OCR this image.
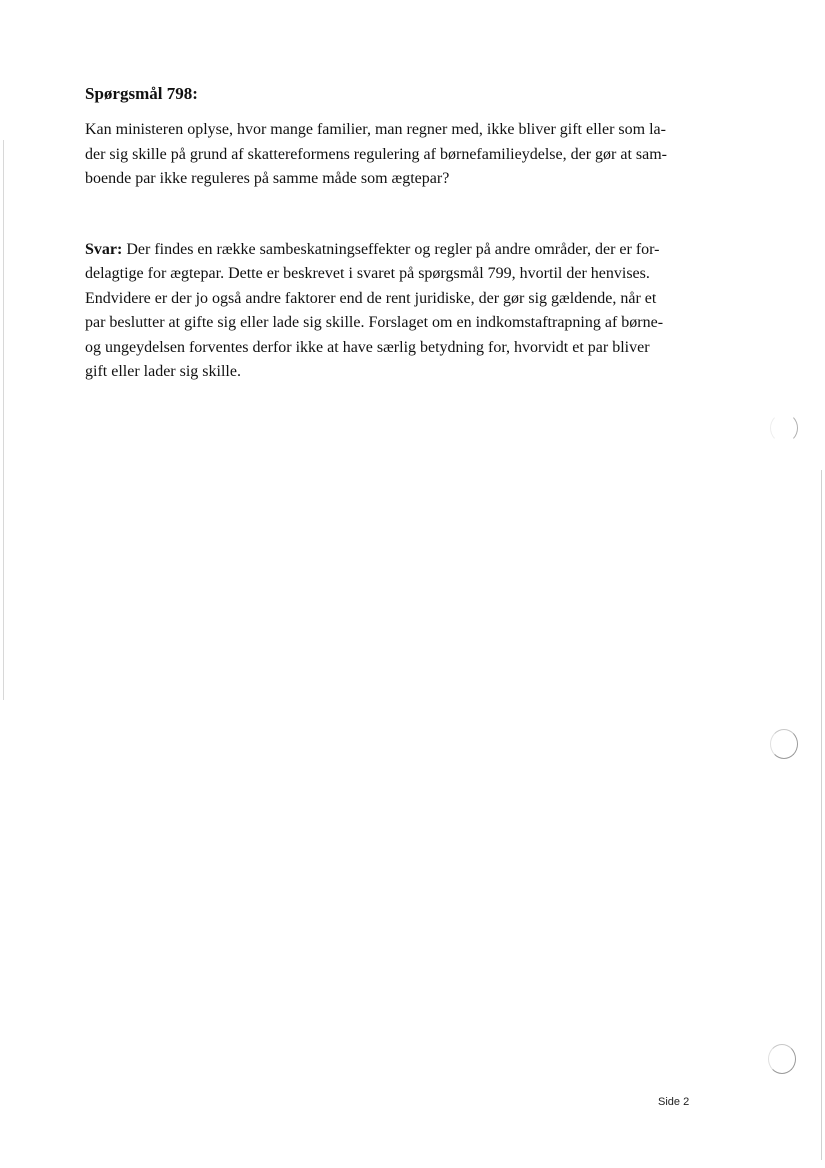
Spørgsmål 798:

Kan ministeren oplyse, hvor mange familier, man regner med, ikke bliver gift eller som la-
der sig skille på grund af skattereformens regulering af børnefamilieydelse, der gør at sam-
boende par ikke reguleres på samme måde som ægtepar?

Svar: Der findes en række sambeskatningseffekter og regler på andre områder, der er for-
delagtige for ægtepar. Dette er beskrevet i svaret på spørgsmål 799, hvortil der henvises.
Endvidere er der jo også andre faktorer end de rent juridiske, der gør sig gældende, når et
par beslutter at gifte sig eller lade sig skille. Forslaget om en indkomstaftrapning af børne-
og ungeydelsen forventes derfor ikke at have særlig betydning for, hvorvidt et par bliver
gift eller lader sig skille.
Side 2
